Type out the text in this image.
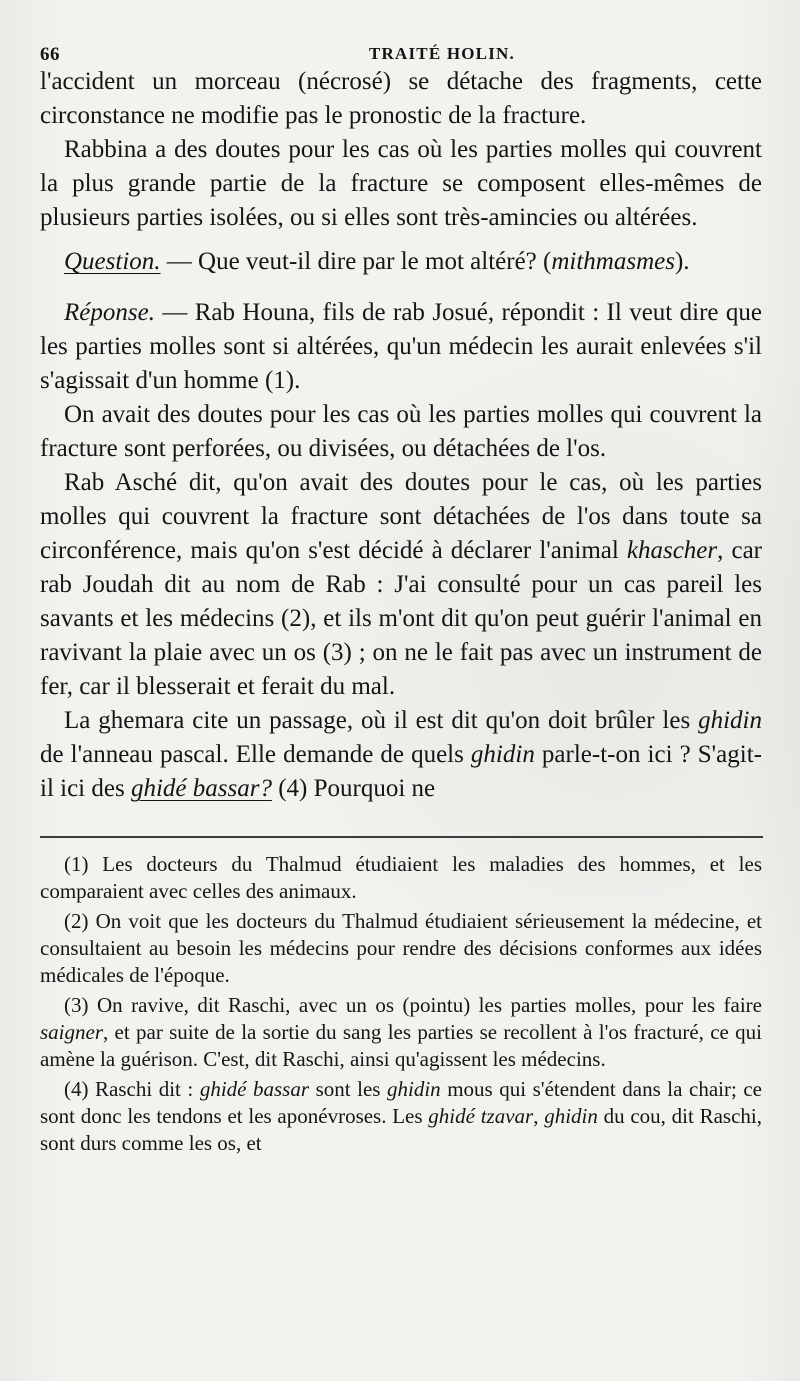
66	TRAITÉ HOLIN.

l'accident un morceau (nécrosé) se détache des fragments, cette circonstance ne modifie pas le pronostic de la fracture.

Rabbina a des doutes pour les cas où les parties molles qui couvrent la plus grande partie de la fracture se composent elles-mêmes de plusieurs parties isolées, ou si elles sont très-amincies ou altérées.

Question. — Que veut-il dire par le mot altéré? (mithmasmes).

Réponse. — Rab Houna, fils de rab Josué, répondit : Il veut dire que les parties molles sont si altérées, qu'un médecin les aurait enlevées s'il s'agissait d'un homme (1).

On avait des doutes pour les cas où les parties molles qui couvrent la fracture sont perforées, ou divisées, ou détachées de l'os.

Rab Asché dit, qu'on avait des doutes pour le cas, où les parties molles qui couvrent la fracture sont détachées de l'os dans toute sa circonférence, mais qu'on s'est décidé à déclarer l'animal khascher, car rab Joudah dit au nom de Rab : J'ai consulté pour un cas pareil les savants et les médecins (2), et ils m'ont dit qu'on peut guérir l'animal en ravivant la plaie avec un os (3) ; on ne le fait pas avec un instrument de fer, car il blesserait et ferait du mal.

La ghemara cite un passage, où il est dit qu'on doit brûler les ghidin de l'anneau pascal. Elle demande de quels ghidin parle-t-on ici ? S'agit-il ici des ghidé bassar? (4) Pourquoi ne

(1) Les docteurs du Thalmud étudiaient les maladies des hommes, et les comparaient avec celles des animaux.

(2) On voit que les docteurs du Thalmud étudiaient sérieusement la médecine, et consultaient au besoin les médecins pour rendre des décisions conformes aux idées médicales de l'époque.

(3) On ravive, dit Raschi, avec un os (pointu) les parties molles, pour les faire saigner, et par suite de la sortie du sang les parties se recollent à l'os fracturé, ce qui amène la guérison. C'est, dit Raschi, ainsi qu'agissent les médecins.

(4) Raschi dit : ghidé bassar sont les ghidin mous qui s'étendent dans la chair; ce sont donc les tendons et les aponévroses. Les ghidé tzavar, ghidin du cou, dit Raschi, sont durs comme les os, et
